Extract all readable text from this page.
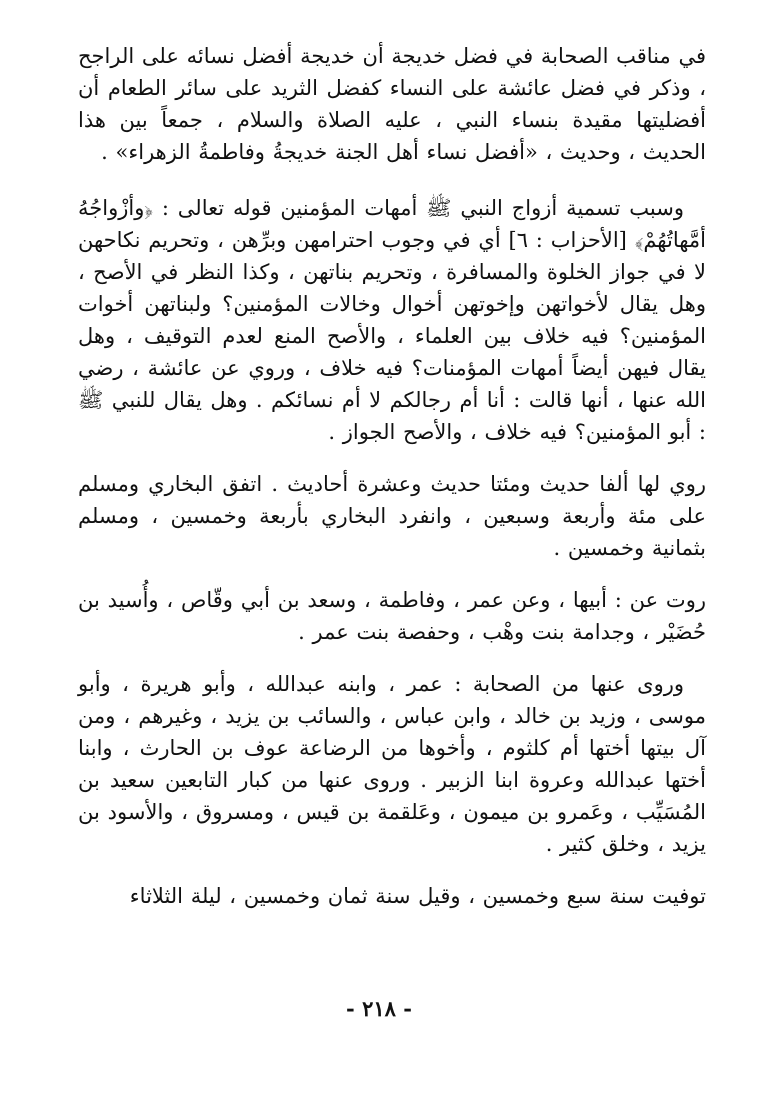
في مناقب الصحابة في فضل خديجة أن خديجة أفضل نسائه على الراجح ، وذكر في فضل عائشة على النساء كفضل الثريد على سائر الطعام أن أفضليتها مقيدة بنساء النبي ، عليه الصلاة والسلام ، جمعاً بين هذا الحديث ، وحديث ، «أفضل نساء أهل الجنة خديجةُ وفاطمةُ الزهراء» .

وسبب تسمية أزواج النبي ﷺ أمهات المؤمنين قوله تعالى : ﴿وأزْواجُهُ أمَّهاتُهُمْ﴾ [الأحزاب : ٦] أي في وجوب احترامهن وبرِّهن ، وتحريم نكاحهن لا في جواز الخلوة والمسافرة ، وتحريم بناتهن ، وكذا النظر في الأصح ، وهل يقال لأخواتهن وإخوتهن أخوال وخالات المؤمنين؟ ولبناتهن أخوات المؤمنين؟ فيه خلاف بين العلماء ، والأصح المنع لعدم التوقيف ، وهل يقال فيهن أيضاً أمهات المؤمنات؟ فيه خلاف ، وروي عن عائشة ، رضي الله عنها ، أنها قالت : أنا أم رجالكم لا أم نسائكم . وهل يقال للنبي ﷺ : أبو المؤمنين؟ فيه خلاف ، والأصح الجواز .

روي لها ألفا حديث ومئتا حديث وعشرة أحاديث . اتفق البخاري ومسلم على مئة وأربعة وسبعين ، وانفرد البخاري بأربعة وخمسين ، ومسلم بثمانية وخمسين .

روت عن : أبيها ، وعن عمر ، وفاطمة ، وسعد بن أبي وقّاص ، وأُسيد بن حُضَيْر ، وجدامة بنت وهْب ، وحفصة بنت عمر .

وروى عنها من الصحابة : عمر ، وابنه عبدالله ، وأبو هريرة ، وأبو موسى ، وزيد بن خالد ، وابن عباس ، والسائب بن يزيد ، وغيرهم ، ومن آل بيتها أختها أم كلثوم ، وأخوها من الرضاعة عوف بن الحارث ، وابنا أختها عبدالله وعروة ابنا الزبير . وروى عنها من كبار التابعين سعيد بن المُسَيِّب ، وعَمرو بن ميمون ، وعَلقمة بن قيس ، ومسروق ، والأسود بن يزيد ، وخلق كثير .

توفيت سنة سبع وخمسين ، وقيل سنة ثمان وخمسين ، ليلة الثلاثاء

- ٢١٨ -
